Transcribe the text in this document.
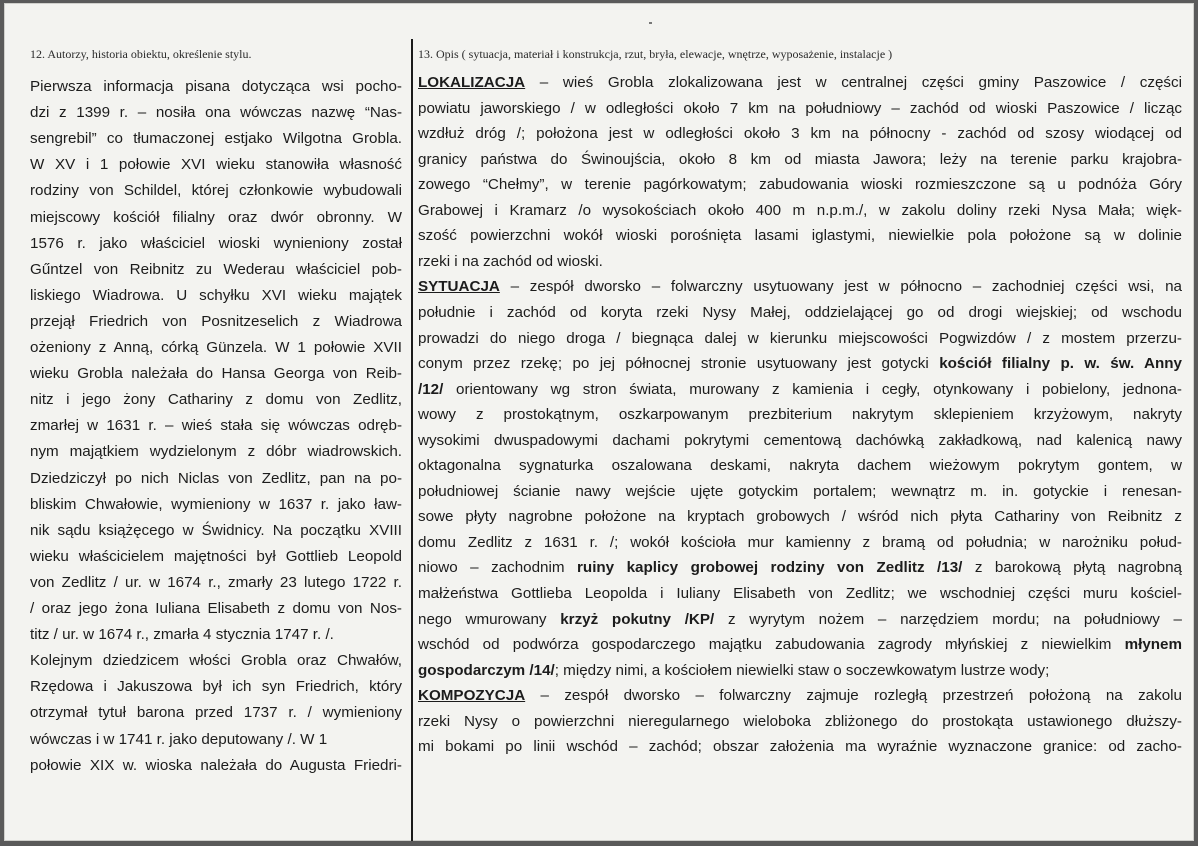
12. Autorzy, historia obiektu, określenie stylu.
Pierwsza informacja pisana dotycząca wsi pocho-
dzi z 1399 r. – nosiła ona wówczas nazwę “Nas-
sengrebil” co tłumaczonej estjako Wilgotna Grobla.
W XV i 1 połowie XVI wieku stanowiła własność
rodziny von Schildel, której członkowie wybudowali
miejscowy kościół filialny oraz dwór obronny. W
1576 r. jako właściciel wioski wynieniony został
Gűntzel von Reibnitz zu Wederau właściciel pob-
liskiego Wiadrowa. U schyłku XVI wieku majątek
przejął Friedrich von Posnitzeselich z Wiadrowa
ożeniony z Anną, córką Günzela. W 1 połowie XVII
wieku Grobla należała do Hansa Georga von Reib-
nitz i jego żony Cathariny z domu von Zedlitz,
zmarłej w 1631 r. – wieś stała się wówczas odręb-
nym majątkiem wydzielonym z dóbr wiadrowskich.
Dziedziczył po nich Niclas von Zedlitz, pan na po-
bliskim Chwałowie, wymieniony w 1637 r. jako ław-
nik sądu książęcego w Świdnicy. Na początku XVIII
wieku właścicielem majętności był Gottlieb Leopold
von Zedlitz / ur. w 1674 r., zmarły 23 lutego 1722 r.
/ oraz jego żona Iuliana Elisabeth z domu von Nos-
titz / ur. w 1674 r., zmarła 4 stycznia 1747 r. /.
Kolejnym dziedzicem włości Grobla oraz Chwałów,
Rzędowa i Jakuszowa był ich syn Friedrich, który
otrzymał tytuł barona przed 1737 r. / wymieniony
wówczas i w 1741 r. jako deputowany /. W 1
połowie XIX w. wioska należała do Augusta Friedri-
13. Opis ( sytuacja, materiał i konstrukcja, rzut, bryła, elewacje, wnętrze, wyposażenie, instalacje )
LOKALIZACJA – wieś Grobla zlokalizowana jest w centralnej części gminy Paszowice / części
powiatu jaworskiego / w odległości około 7 km na południowy – zachód od wioski Paszowice / licząc
wzdłuż dróg /; położona jest w odległości około 3 km na północny - zachód od szosy wiodącej od
granicy państwa do Świnoujścia, około 8 km od miasta Jawora; leży na terenie parku krajobra-
zowego “Chełmy”, w terenie pagórkowatym; zabudowania wioski rozmieszczone są u podnóża Góry
Grabowej i Kramarz /o wysokościach około 400 m n.p.m./, w zakolu doliny rzeki Nysa Mała; więk-
szość powierzchni wokół wioski porośnięta lasami iglastymi, niewielkie pola położone są w dolinie
rzeki i na zachód od wioski.
SYTUACJA – zespół dworsko – folwarczny usytuowany jest w północno – zachodniej części wsi, na
południe i zachód od koryta rzeki Nysy Małej, oddzielającej go od drogi wiejskiej; od wschodu
prowadzi do niego droga / biegnąca dalej w kierunku miejscowości Pogwizdów / z mostem przerzu-
conym przez rzekę; po jej północnej stronie usytuowany jest gotycki kościół filialny p. w. św. Anny
/12/ orientowany wg stron świata, murowany z kamienia i cegły, otynkowany i pobielony, jednona-
wowy z prostokątnym, oszkarpowanym prezbiterium nakrytym sklepieniem krzyżowym, nakryty
wysokimi dwuspadowymi dachami pokrytymi cementową dachówką zakładkową, nad kalenicą nawy
oktagonalna sygnaturka oszalowana deskami, nakryta dachem wieżowym pokrytym gontem, w
południowej ścianie nawy wejście ujęte gotyckim portalem; wewnątrz m. in. gotyckie i renesan-
sowe płyty nagrobne położone na kryptach grobowych / wśród nich płyta Cathariny von Reibnitz z
domu Zedlitz z 1631 r. /; wokół kościoła mur kamienny z bramą od południa; w narożniku połud-
niowo – zachodnim ruiny kaplicy grobowej rodziny von Zedlitz /13/ z barokową płytą nagrobną
małżeństwa Gottlieba Leopolda i Iuliany Elisabeth von Zedlitz; we wschodniej części muru kościel-
nego wmurowany krzyż pokutny /KP/ z wyrytym nożem – narzędziem mordu; na południowy –
wschód od podwórza gospodarczego majątku zabudowania zagrody młyńskiej z niewielkim młynem
gospodarczym /14/; między nimi, a kościołem niewielki staw o soczewkowatym lustrze wody;
KOMPOZYCJA – zespół dworsko – folwarczny zajmuje rozległą przestrzeń położoną na zakolu
rzeki Nysy o powierzchni nieregularnego wieloboka zbliżonego do prostokąta ustawionego dłuższy-
mi bokami po linii wschód – zachód; obszar założenia ma wyraźnie wyznaczone granice: od zacho-
